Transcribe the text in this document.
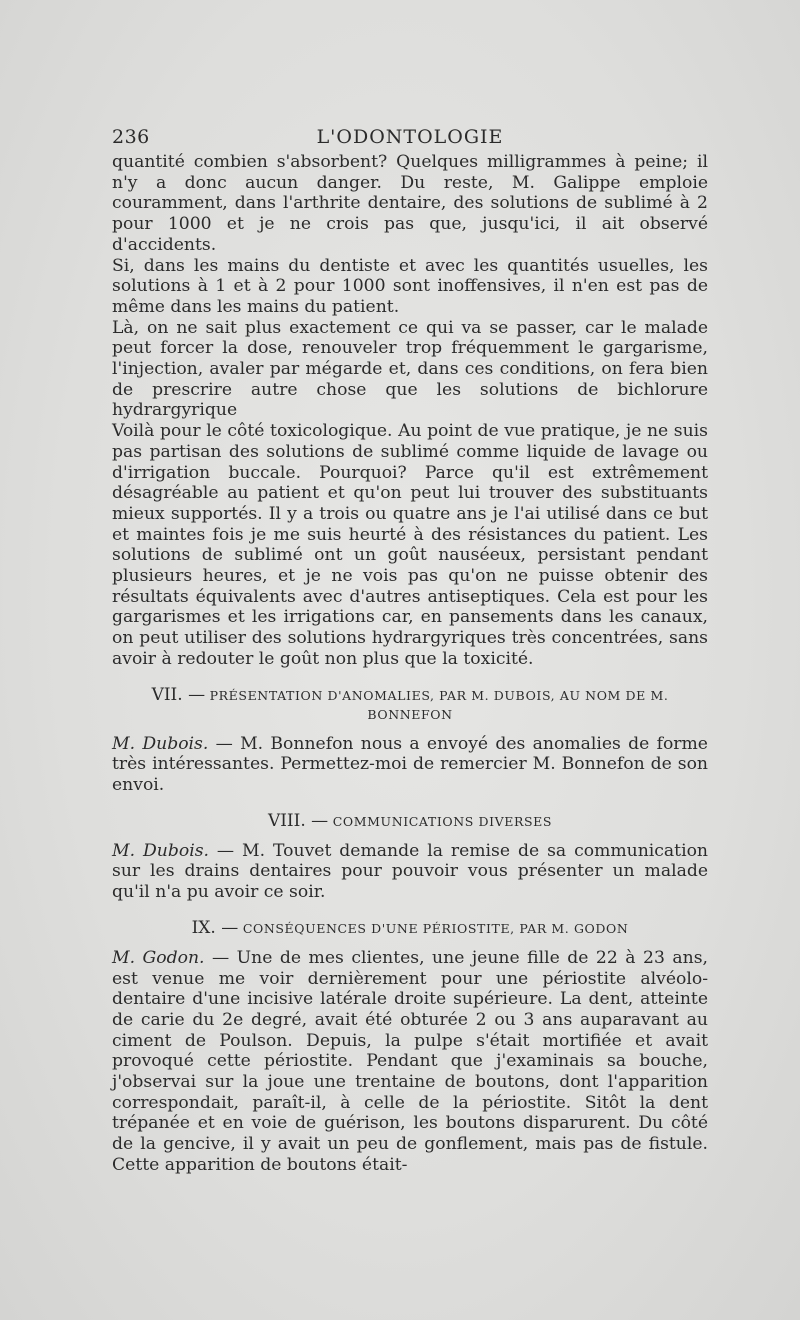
236	L'ODONTOLOGIE

quantité combien s'absorbent? Quelques milligrammes à peine; il n'y a donc aucun danger. Du reste, M. Galippe emploie couramment, dans l'arthrite dentaire, des solutions de sublimé à 2 pour 1000 et je ne crois pas que, jusqu'ici, il ait observé d'accidents.

Si, dans les mains du dentiste et avec les quantités usuelles, les solutions à 1 et à 2 pour 1000 sont inoffensives, il n'en est pas de même dans les mains du patient.

Là, on ne sait plus exactement ce qui va se passer, car le malade peut forcer la dose, renouveler trop fréquemment le gargarisme, l'injection, avaler par mégarde et, dans ces conditions, on fera bien de prescrire autre chose que les solutions de bichlorure hydrargyrique

Voilà pour le côté toxicologique. Au point de vue pratique, je ne suis pas partisan des solutions de sublimé comme liquide de lavage ou d'irrigation buccale. Pourquoi? Parce qu'il est extrêmement désagréable au patient et qu'on peut lui trouver des substituants mieux supportés. Il y a trois ou quatre ans je l'ai utilisé dans ce but et maintes fois je me suis heurté à des résistances du patient. Les solutions de sublimé ont un goût nauséeux, persistant pendant plusieurs heures, et je ne vois pas qu'on ne puisse obtenir des résultats équivalents avec d'autres antiseptiques. Cela est pour les gargarismes et les irrigations car, en pansements dans les canaux, on peut utiliser des solutions hydrargyriques très concentrées, sans avoir à redouter le goût non plus que la toxicité.

VII. — PRÉSENTATION D'ANOMALIES, PAR M. DUBOIS, AU NOM DE M. BONNEFON

M. Dubois. — M. Bonnefon nous a envoyé des anomalies de forme très intéressantes. Permettez-moi de remercier M. Bonnefon de son envoi.

VIII. — COMMUNICATIONS DIVERSES

M. Dubois. — M. Touvet demande la remise de sa communication sur les drains dentaires pour pouvoir vous présenter un malade qu'il n'a pu avoir ce soir.

IX. — CONSÉQUENCES D'UNE PÉRIOSTITE, PAR M. GODON

M. Godon. — Une de mes clientes, une jeune fille de 22 à 23 ans, est venue me voir dernièrement pour une périostite alvéolo-dentaire d'une incisive latérale droite supérieure. La dent, atteinte de carie du 2e degré, avait été obturée 2 ou 3 ans auparavant au ciment de Poulson. Depuis, la pulpe s'était mortifiée et avait provoqué cette périostite. Pendant que j'examinais sa bouche, j'observai sur la joue une trentaine de boutons, dont l'apparition correspondait, paraît-il, à celle de la périostite. Sitôt la dent trépanée et en voie de guérison, les boutons disparurent. Du côté de la gencive, il y avait un peu de gonflement, mais pas de fistule. Cette apparition de boutons était-
